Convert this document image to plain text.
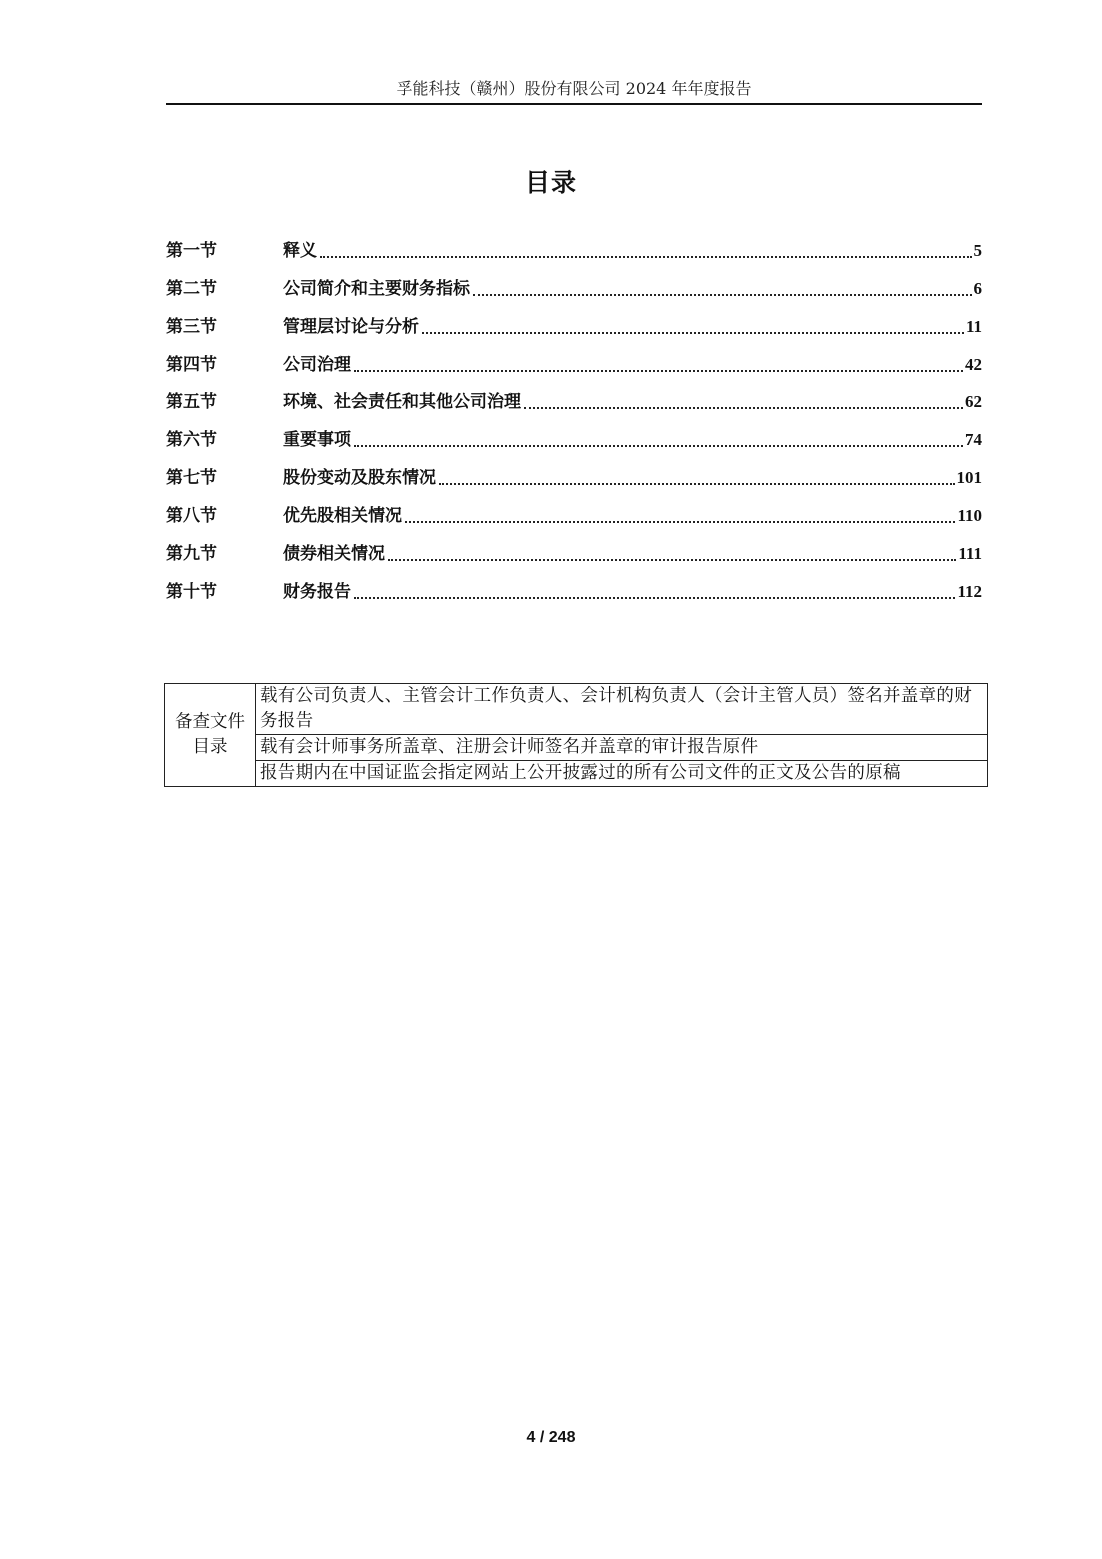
孚能科技（赣州）股份有限公司 2024 年年度报告
目录
第一节	释义	5
第二节	公司简介和主要财务指标	6
第三节	管理层讨论与分析	11
第四节	公司治理	42
第五节	环境、社会责任和其他公司治理	62
第六节	重要事项	74
第七节	股份变动及股东情况	101
第八节	优先股相关情况	110
第九节	债券相关情况	111
第十节	财务报告	112
备查文件
目录
	载有公司负责人、主管会计工作负责人、会计机构负责人（会计主管人员）签名并盖章的财务报告
载有会计师事务所盖章、注册会计师签名并盖章的审计报告原件
报告期内在中国证监会指定网站上公开披露过的所有公司文件的正文及公告的原稿
4 / 248
